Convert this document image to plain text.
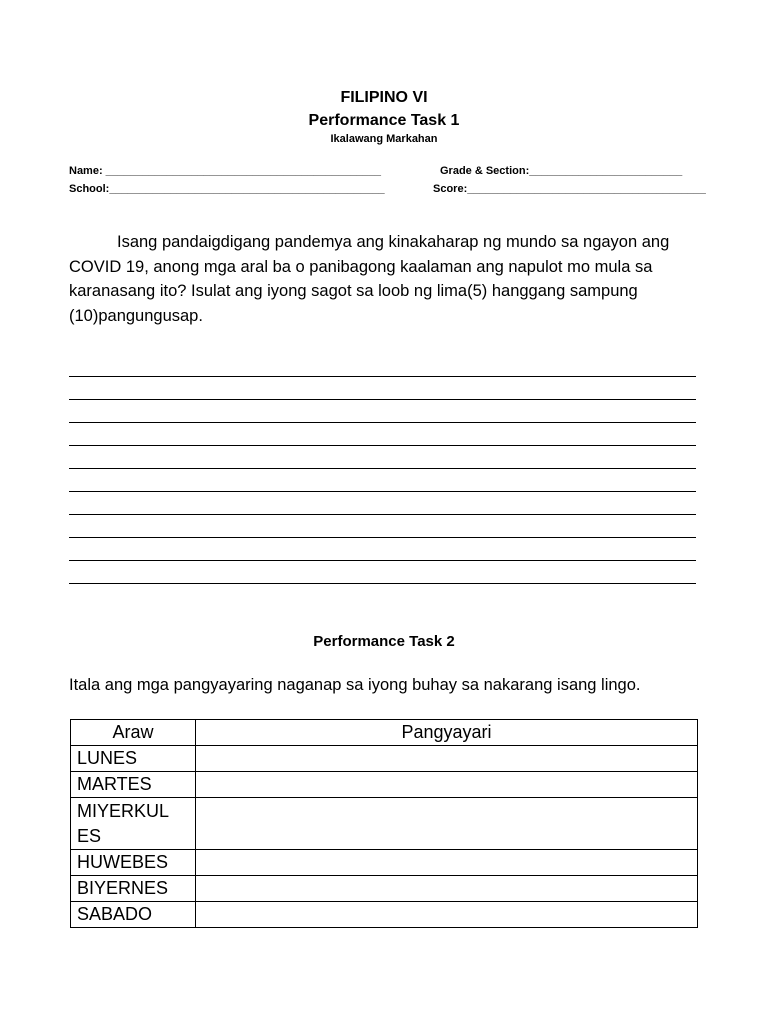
FILIPINO VI
Performance Task 1
Ikalawang Markahan
Name: _____________________________________________	Grade & Section:_________________________
School:_____________________________________________	Score:_______________________________________
Isang pandaigdigang pandemya ang kinakaharap ng mundo sa ngayon ang
COVID 19, anong mga aral ba o panibagong kaalaman ang napulot mo mula sa
karanasang ito? Isulat ang iyong sagot sa loob ng lima(5) hanggang sampung
(10)pangungusap.
Performance Task 2
Itala ang mga pangyayaring naganap sa iyong buhay sa nakarang isang lingo.
Araw	Pangyayari

LUNES	

MARTES	

MIYERKULES	

HUWEBES	

BIYERNES	

SABADO	
